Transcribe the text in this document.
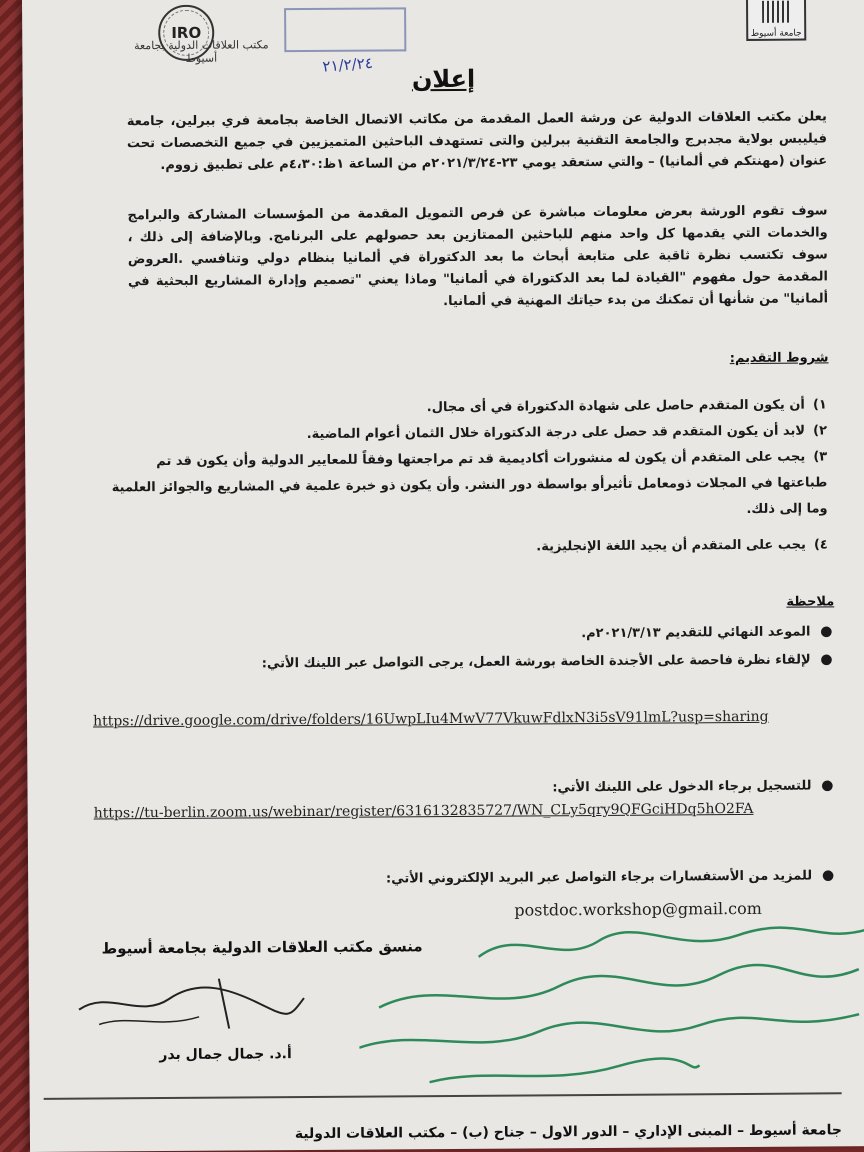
IRO
مكتب العلاقات الدولية بجامعة أسيوط	٢١/٢/٢٤
جامعة أسيوط
إعلان
يعلن مكتب العلاقات الدولية عن ورشة العمل المقدمة من مكاتب الاتصال الخاصة بجامعة فري ببرلين، جامعة فيليبس بولاية مجدبرج والجامعة التقنية ببرلين والتى تستهدف الباحثين المتميزيين في جميع التخصصات تحت عنوان (مهنتكم في ألمانيا) – والتي ستعقد يومي ٢٣-٢٠٢١/٣/٢٤م من الساعة ١ظ:٤،٣٠م على تطبيق زووم.
سوف تقوم الورشة بعرض معلومات مباشرة عن فرص التمويل المقدمة من المؤسسات المشاركة والبرامج والخدمات التي يقدمها كل واحد منهم للباحثين الممتازين بعد حصولهم على البرنامج. وبالإضافة إلى ذلك ، سوف تكتسب نظرة ثاقبة على متابعة أبحاث ما بعد الدكتوراة في ألمانيا بنظام دولي وتنافسي .العروض المقدمة حول مفهوم "القيادة لما بعد الدكتوراة في ألمانيا" وماذا يعني "تصميم وإدارة المشاريع البحثية في ألمانيا" من شأنها أن تمكنك من بدء حياتك المهنية في ألمانيا.
شروط التقديم:
١)أن يكون المتقدم حاصل على شهادة الدكتوراة في أى مجال.
٢)لابد أن يكون المتقدم قد حصل على درجة الدكتوراة خلال الثمان أعوام الماضية.
٣)يجب على المتقدم أن يكون له منشورات أكاديمية قد تم مراجعتها وفقاً للمعايير الدولية وأن يكون قد تم طباعتها في المجلات ذومعامل تأثيرأو بواسطة دور النشر. وأن يكون ذو خبرة علمية في المشاريع والجوائز العلمية وما إلى ذلك.
٤)يجب على المتقدم أن يجيد اللغة الإنجليزية.
ملاحظة
●الموعد النهائي للتقديم ٢٠٢١/٣/١٣م.
●لإلقاء نظرة فاحصة على الأجندة الخاصة بورشة العمل، يرجى التواصل عبر اللينك الأتي:
https://drive.google.com/drive/folders/16UwpLIu4MwV77VkuwFdlxN3i5sV91lmL?usp=sharing
●للتسجيل برجاء الدخول على اللينك الأتي:
https://tu-berlin.zoom.us/webinar/register/6316132835727/WN_CLy5qry9QFGciHDq5hO2FA
●للمزيد من الأستفسارات برجاء التواصل عبر البريد الإلكتروني الأتي:
postdoc.workshop@gmail.com
منسق مكتب العلاقات الدولية بجامعة أسيوط
أ.د. جمال جمال بدر
جامعة أسيوط – المبنى الإداري – الدور الاول – جناح (ب) – مكتب العلاقات الدولية
